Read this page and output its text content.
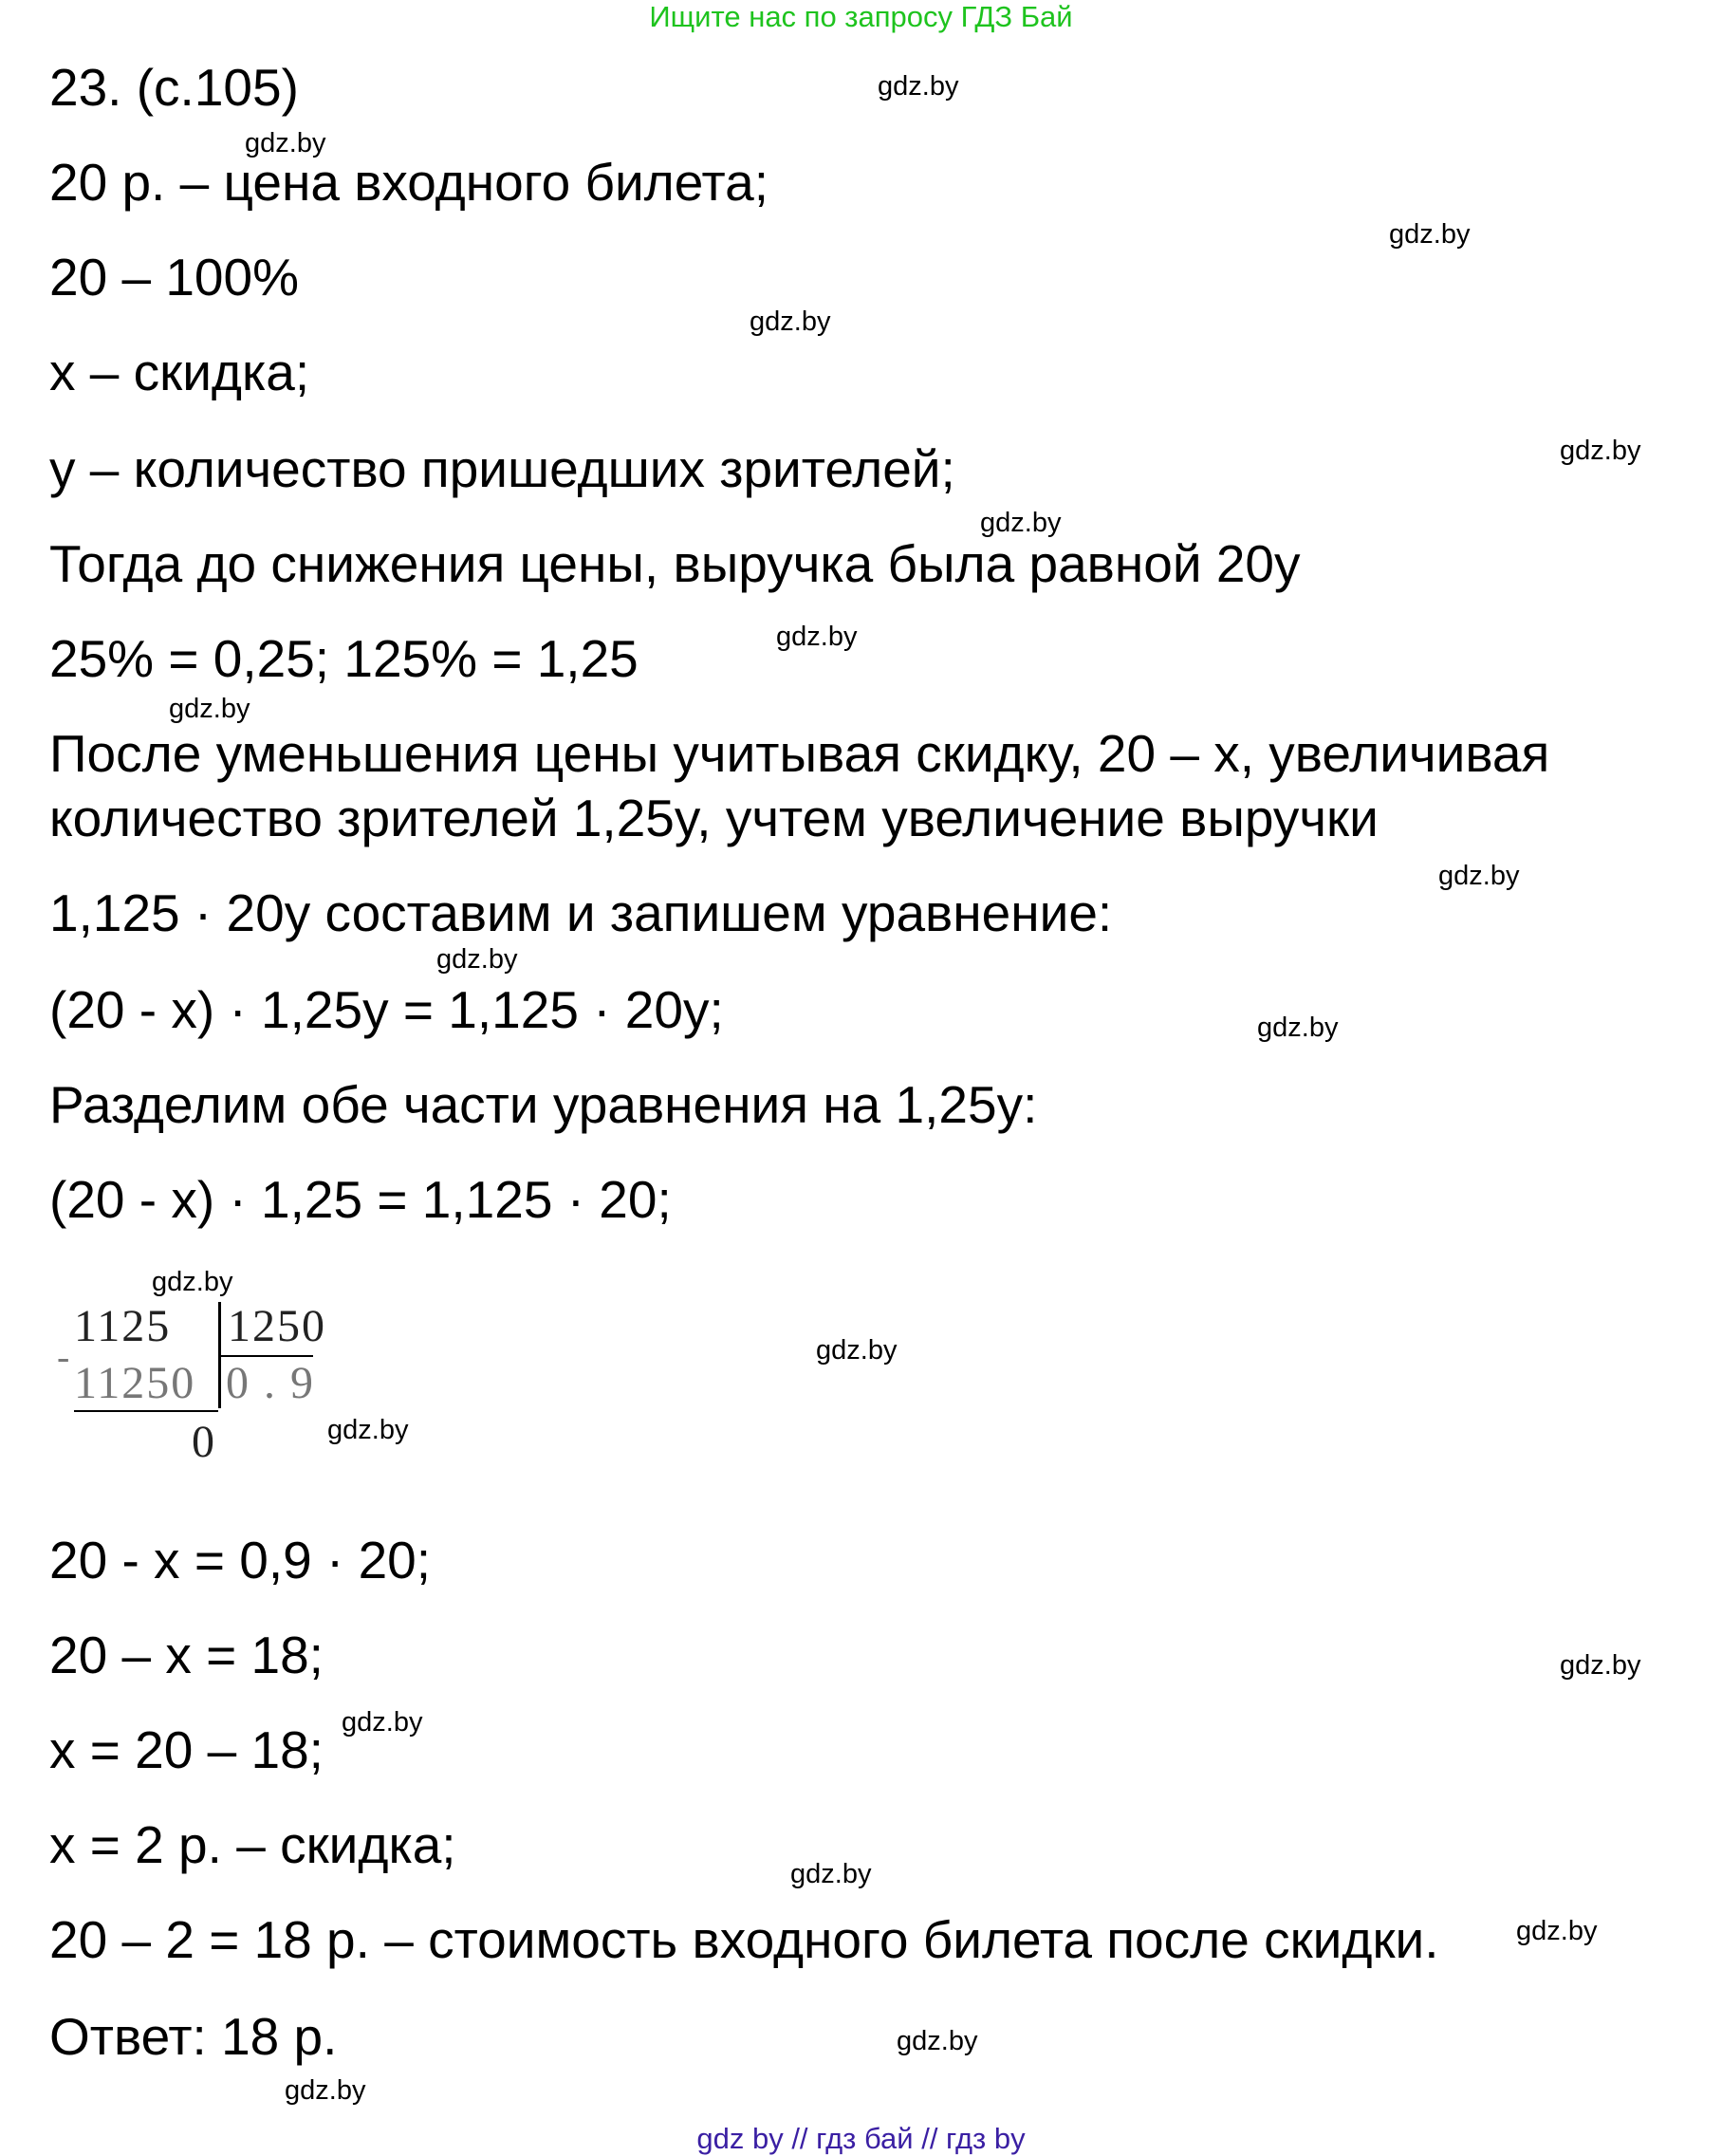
Ищите нас по запросу ГДЗ Бай
23. (с.105)
20 р. – цена входного билета;
20 – 100%
x – скидка;
y – количество пришедших зрителей;
Тогда до снижения цены, выручка была равной 20y
25% = 0,25; 125% = 1,25
После уменьшения цены учитывая скидку, 20 – x, увеличивая
количество зрителей 1,25y, учтем увеличение выручки
1,125 · 20y составим и запишем уравнение:
(20 - x) · 1,25y = 1,125 · 20y;
Разделим обе части уравнения на 1,25y:
(20 - x) · 1,25 = 1,125 · 20;
1125 1250
-
11250 0 . 9
0
20 - x = 0,9 · 20;
20 – x = 18;
x = 20 – 18;
x = 2 р. – скидка;
20 – 2 = 18 р. – стоимость входного билета после скидки.
Ответ: 18 р.
gdz.by
gdz.by
gdz.by
gdz.by
gdz.by
gdz.by
gdz.by
gdz.by
gdz.by
gdz.by
gdz.by
gdz.by
gdz.by
gdz.by
gdz.by
gdz.by
gdz.by
gdz.by
gdz.by
gdz.by
gdz by // гдз бай // гдз by
